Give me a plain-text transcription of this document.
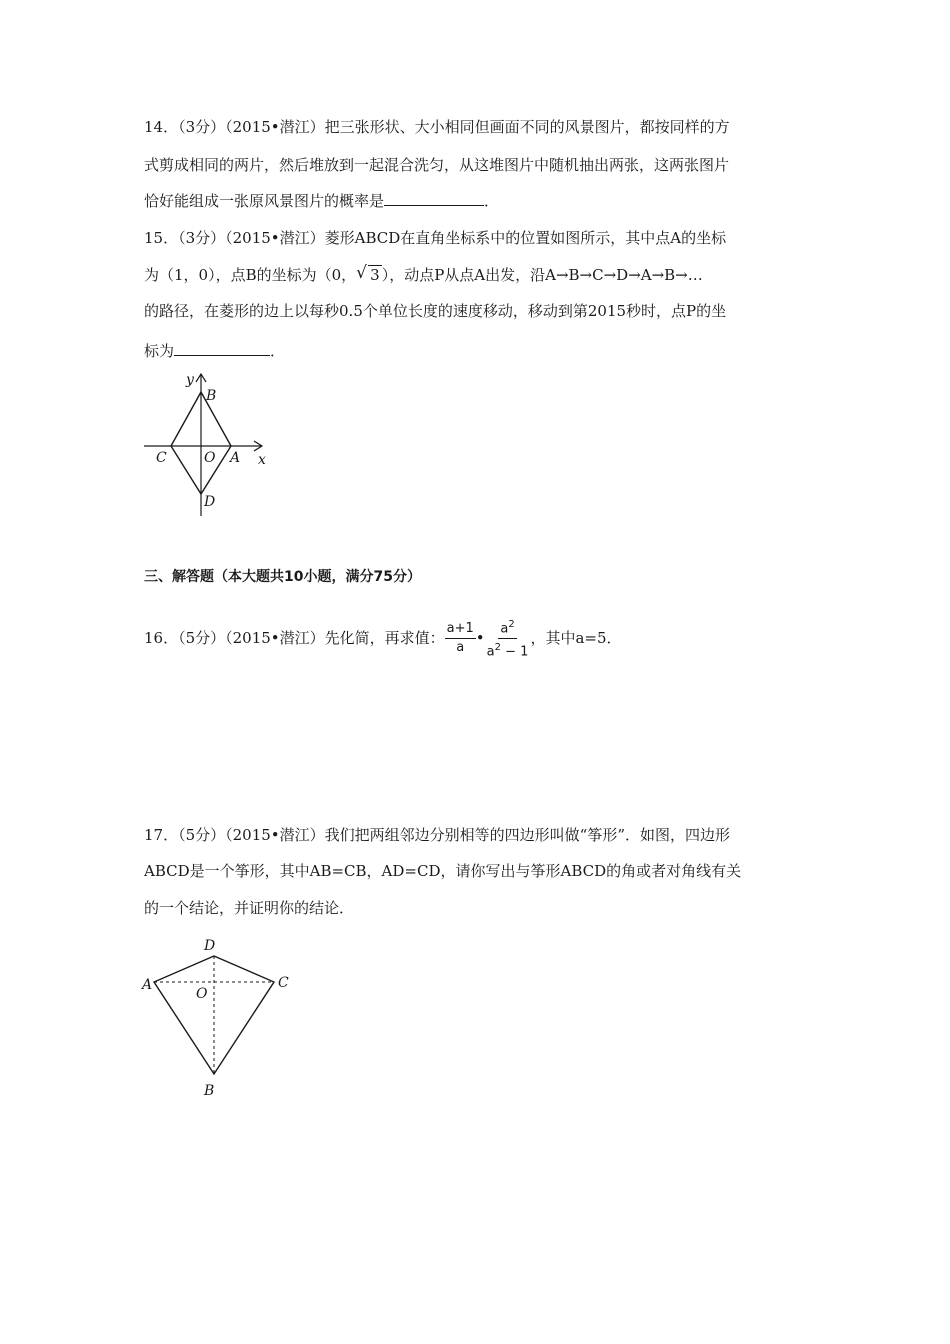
14．（3分）（2015•潜江）把三张形状、大小相同但画面不同的风景图片，都按同样的方
式剪成相同的两片，然后堆放到一起混合洗匀，从这堆图片中随机抽出两张，这两张图片
恰好能组成一张原风景图片的概率是	．
15．（3分）（2015•潜江）菱形ABCD在直角坐标系中的位置如图所示，其中点A的坐标
为（1，0），点B的坐标为（0， √ 3 ），动点P从点A出发，沿A→B→C→D→A→B→…
的路径，在菱形的边上以每秒0.5个单位长度的速度移动，移动到第2015秒时，点P的坐
标为	．
y
B
C	O A x
D
三、解答题（本大题共10小题，满分75分）
16．（5分）（2015•潜江）先化简，再求值： $\frac{a+1}{a}$ • $\frac{a^2}{a^2 - 1}$ ，其中a=5．
17．（5分）（2015•潜江）我们把两组邻边分别相等的四边形叫做“筝形”．如图，四边形
ABCD是一个筝形，其中AB=CB，AD=CD，请你写出与筝形ABCD的角或者对角线有关
的一个结论，并证明你的结论．
D
A
O
C
B
